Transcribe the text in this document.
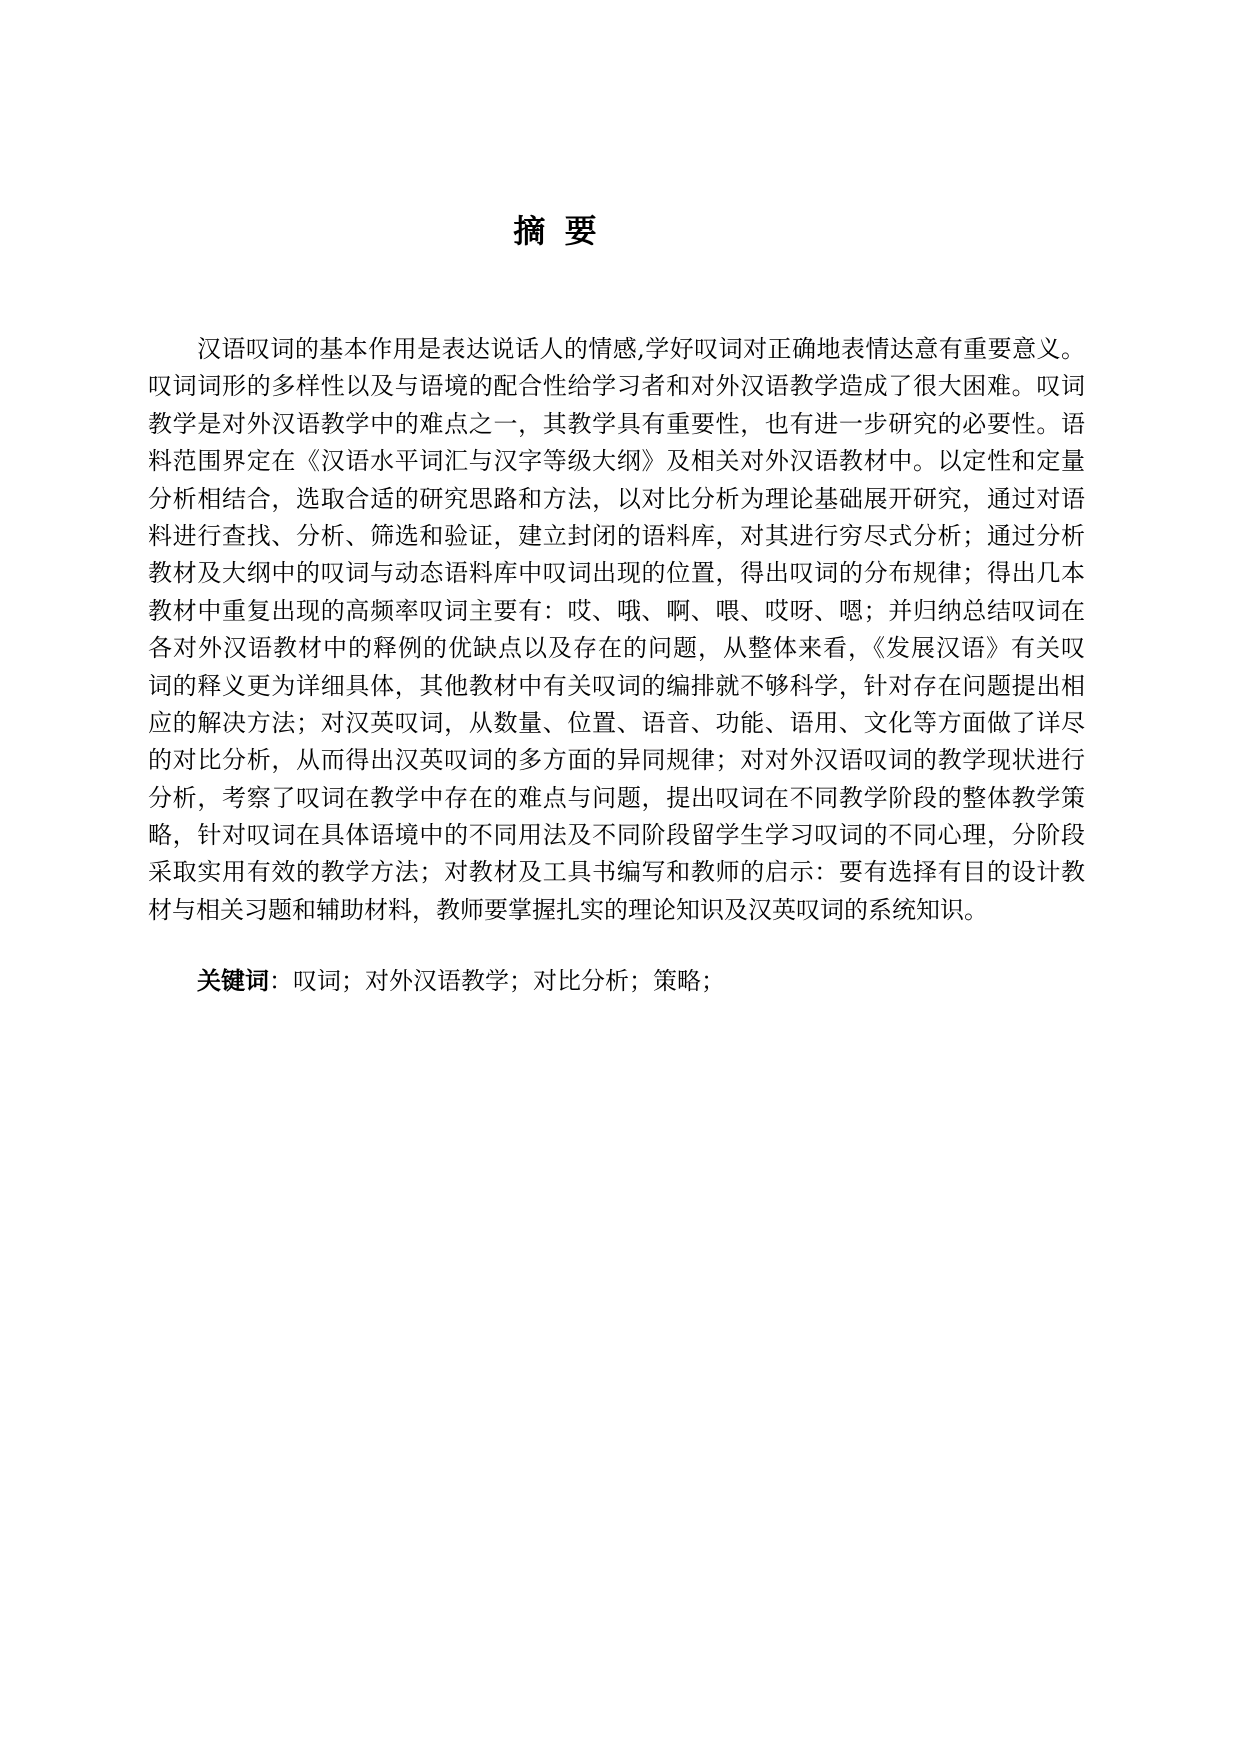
摘 要
汉语叹词的基本作用是表达说话人的情感,学好叹词对正确地表情达意有重要意义。
叹词词形的多样性以及与语境的配合性给学习者和对外汉语教学造成了很大困难。叹词
教学是对外汉语教学中的难点之一，其教学具有重要性，也有进一步研究的必要性。语
料范围界定在《汉语水平词汇与汉字等级大纲》及相关对外汉语教材中。以定性和定量
分析相结合，选取合适的研究思路和方法，以对比分析为理论基础展开研究，通过对语
料进行查找、分析、筛选和验证，建立封闭的语料库，对其进行穷尽式分析；通过分析
教材及大纲中的叹词与动态语料库中叹词出现的位置，得出叹词的分布规律；得出几本
教材中重复出现的高频率叹词主要有：哎、哦、啊、喂、哎呀、嗯；并归纳总结叹词在
各对外汉语教材中的释例的优缺点以及存在的问题，从整体来看，《发展汉语》有关叹
词的释义更为详细具体，其他教材中有关叹词的编排就不够科学，针对存在问题提出相
应的解决方法；对汉英叹词，从数量、位置、语音、功能、语用、文化等方面做了详尽
的对比分析，从而得出汉英叹词的多方面的异同规律；对对外汉语叹词的教学现状进行
分析，考察了叹词在教学中存在的难点与问题，提出叹词在不同教学阶段的整体教学策
略，针对叹词在具体语境中的不同用法及不同阶段留学生学习叹词的不同心理，分阶段
采取实用有效的教学方法；对教材及工具书编写和教师的启示：要有选择有目的设计教
材与相关习题和辅助材料，教师要掌握扎实的理论知识及汉英叹词的系统知识。
关键词：叹词；对外汉语教学；对比分析；策略；
